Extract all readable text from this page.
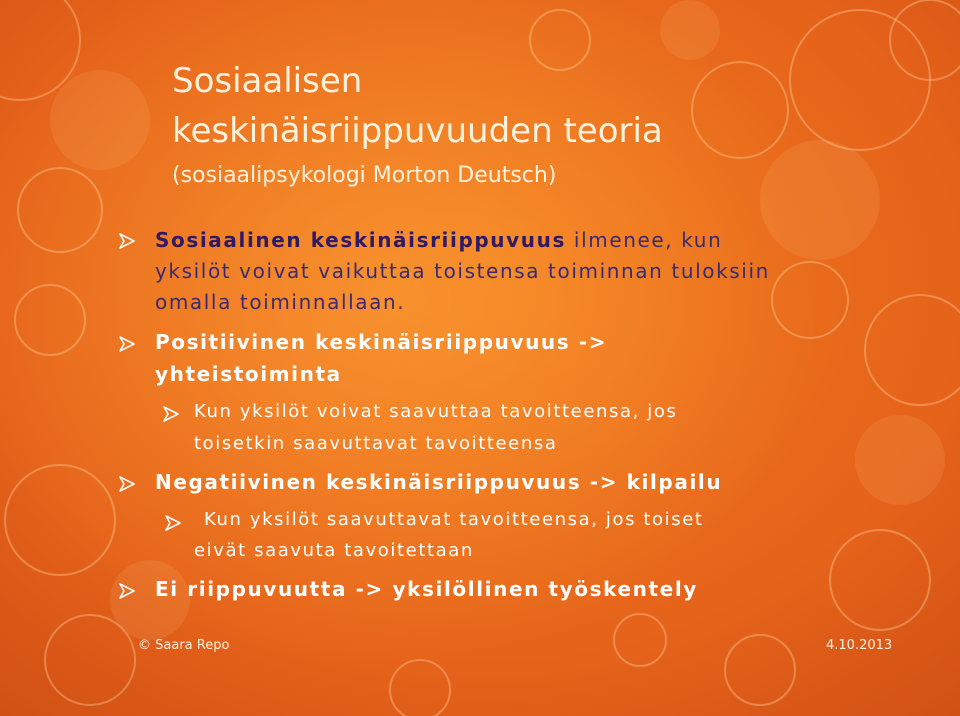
Sosiaalisen
keskinäisriippuvuuden teoria
(sosiaalipsykologi Morton Deutsch)
Sosiaalinen keskinäisriippuvuus ilmenee, kun
yksilöt voivat vaikuttaa toistensa toiminnan tuloksiin
omalla toiminnallaan.
Positiivinen keskinäisriippuvuus ->
yhteistoiminta
Kun yksilöt voivat saavuttaa tavoitteensa, jos
toisetkin saavuttavat tavoitteensa
Negatiivinen keskinäisriippuvuus -> kilpailu
Kun yksilöt saavuttavat tavoitteensa, jos toiset
eivät saavuta tavoitettaan
Ei riippuvuutta -> yksilöllinen työskentely
© Saara Repo	4.10.2013
